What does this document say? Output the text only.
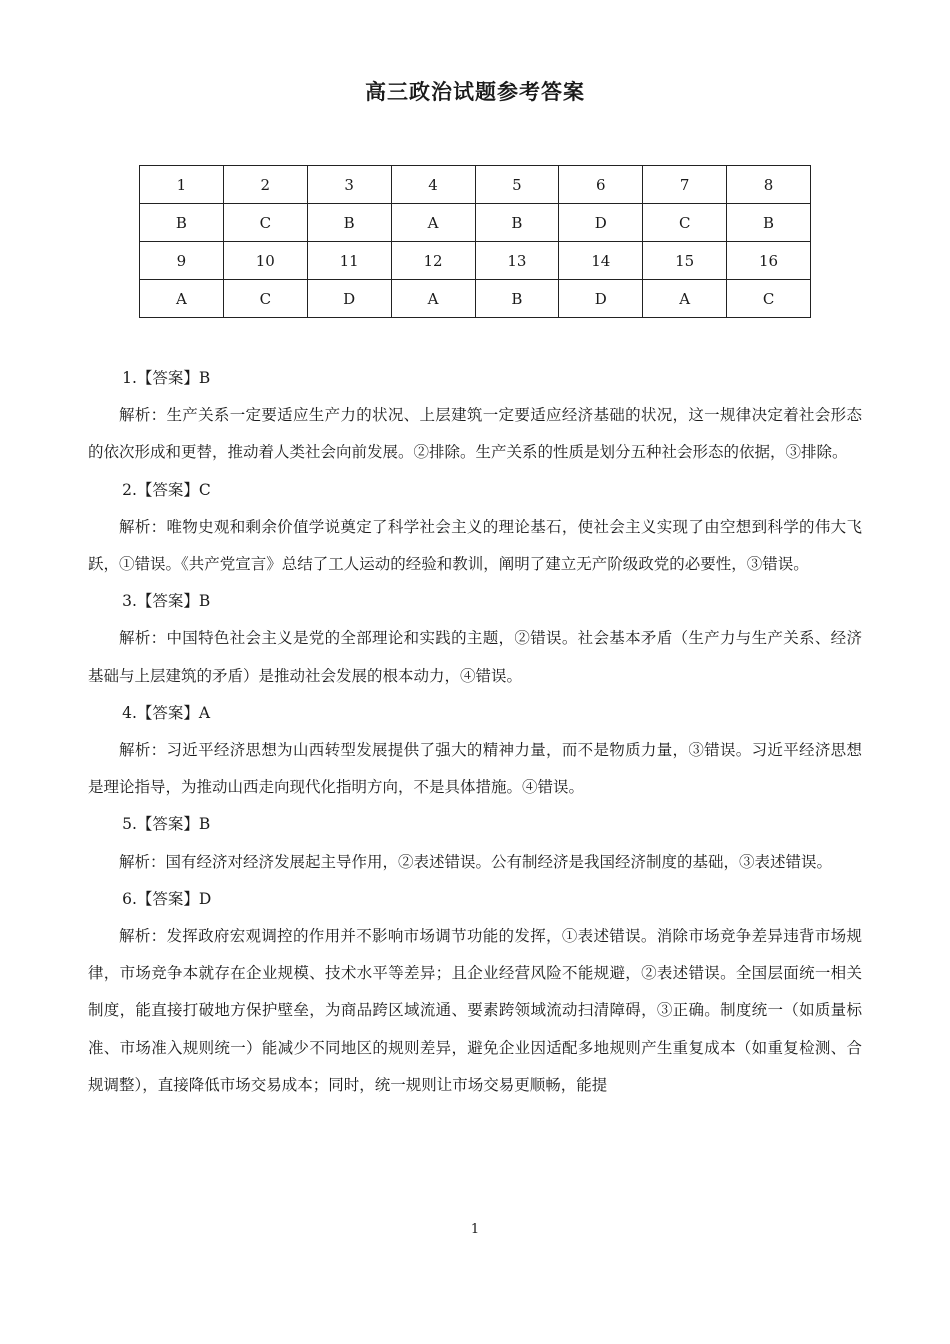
高三政治试题参考答案
1	2	3	4	5	6	7	8
B	C	B	A	B	D	C	B
9	10	11	12	13	14	15	16
A	C	D	A	B	D	A	C

1.【答案】B

解析：生产关系一定要适应生产力的状况、上层建筑一定要适应经济基础的状况，这一规律决定着社会形态的依次形成和更替，推动着人类社会向前发展。②排除。生产关系的性质是划分五种社会形态的依据，③排除。

2.【答案】C

解析：唯物史观和剩余价值学说奠定了科学社会主义的理论基石，使社会主义实现了由空想到科学的伟大飞跃，①错误。《共产党宣言》总结了工人运动的经验和教训，阐明了建立无产阶级政党的必要性，③错误。

3.【答案】B

解析：中国特色社会主义是党的全部理论和实践的主题，②错误。社会基本矛盾（生产力与生产关系、经济基础与上层建筑的矛盾）是推动社会发展的根本动力，④错误。

4.【答案】A

解析：习近平经济思想为山西转型发展提供了强大的精神力量，而不是物质力量，③错误。习近平经济思想是理论指导，为推动山西走向现代化指明方向，不是具体措施。④错误。

5.【答案】B

解析：国有经济对经济发展起主导作用，②表述错误。公有制经济是我国经济制度的基础，③表述错误。

6.【答案】D

解析：发挥政府宏观调控的作用并不影响市场调节功能的发挥，①表述错误。消除市场竞争差异违背市场规律，市场竞争本就存在企业规模、技术水平等差异；且企业经营风险不能规避，②表述错误。全国层面统一相关制度，能直接打破地方保护壁垒，为商品跨区域流通、要素跨领域流动扫清障碍，③正确。制度统一（如质量标准、市场准入规则统一）能减少不同地区的规则差异，避免企业因适配多地规则产生重复成本（如重复检测、合规调整），直接降低市场交易成本；同时，统一规则让市场交易更顺畅，能提

1
